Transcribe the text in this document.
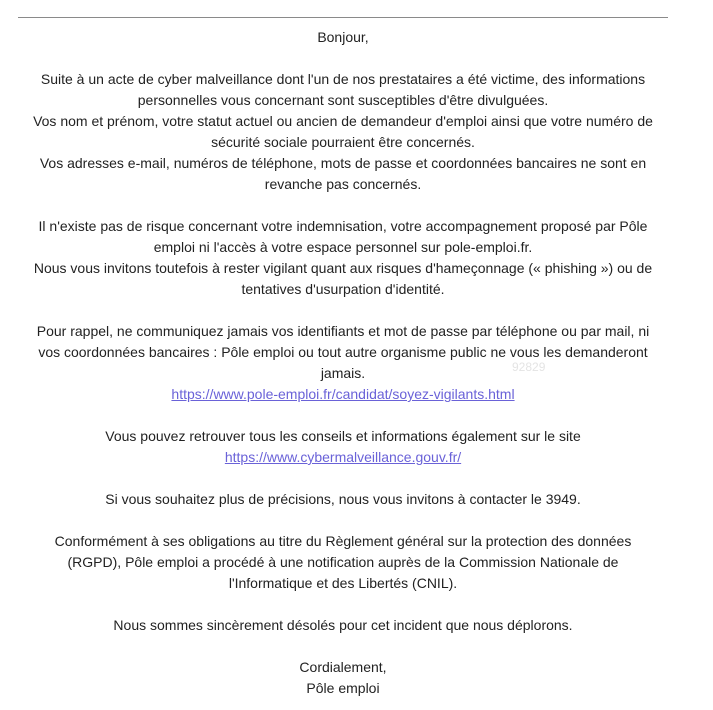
Bonjour,

Suite à un acte de cyber malveillance dont l'un de nos prestataires a été victime, des informations
personnelles vous concernant sont susceptibles d'être divulguées.
Vos nom et prénom, votre statut actuel ou ancien de demandeur d'emploi ainsi que votre numéro de
sécurité sociale pourraient être concernés.
Vos adresses e-mail, numéros de téléphone, mots de passe et coordonnées bancaires ne sont en
revanche pas concernés.

Il n'existe pas de risque concernant votre indemnisation, votre accompagnement proposé par Pôle
emploi ni l'accès à votre espace personnel sur pole-emploi.fr.
Nous vous invitons toutefois à rester vigilant quant aux risques d'hameçonnage (« phishing ») ou de
tentatives d'usurpation d'identité.

Pour rappel, ne communiquez jamais vos identifiants et mot de passe par téléphone ou par mail, ni
vos coordonnées bancaires : Pôle emploi ou tout autre organisme public ne vous les demanderont
jamais.
https://www.pole-emploi.fr/candidat/soyez-vigilants.html

Vous pouvez retrouver tous les conseils et informations également sur le site
https://www.cybermalveillance.gouv.fr/

Si vous souhaitez plus de précisions, nous vous invitons à contacter le 3949.

Conformément à ses obligations au titre du Règlement général sur la protection des données
(RGPD), Pôle emploi a procédé à une notification auprès de la Commission Nationale de
l'Informatique et des Libertés (CNIL).

Nous sommes sincèrement désolés pour cet incident que nous déplorons.

Cordialement,
Pôle emploi

92829
